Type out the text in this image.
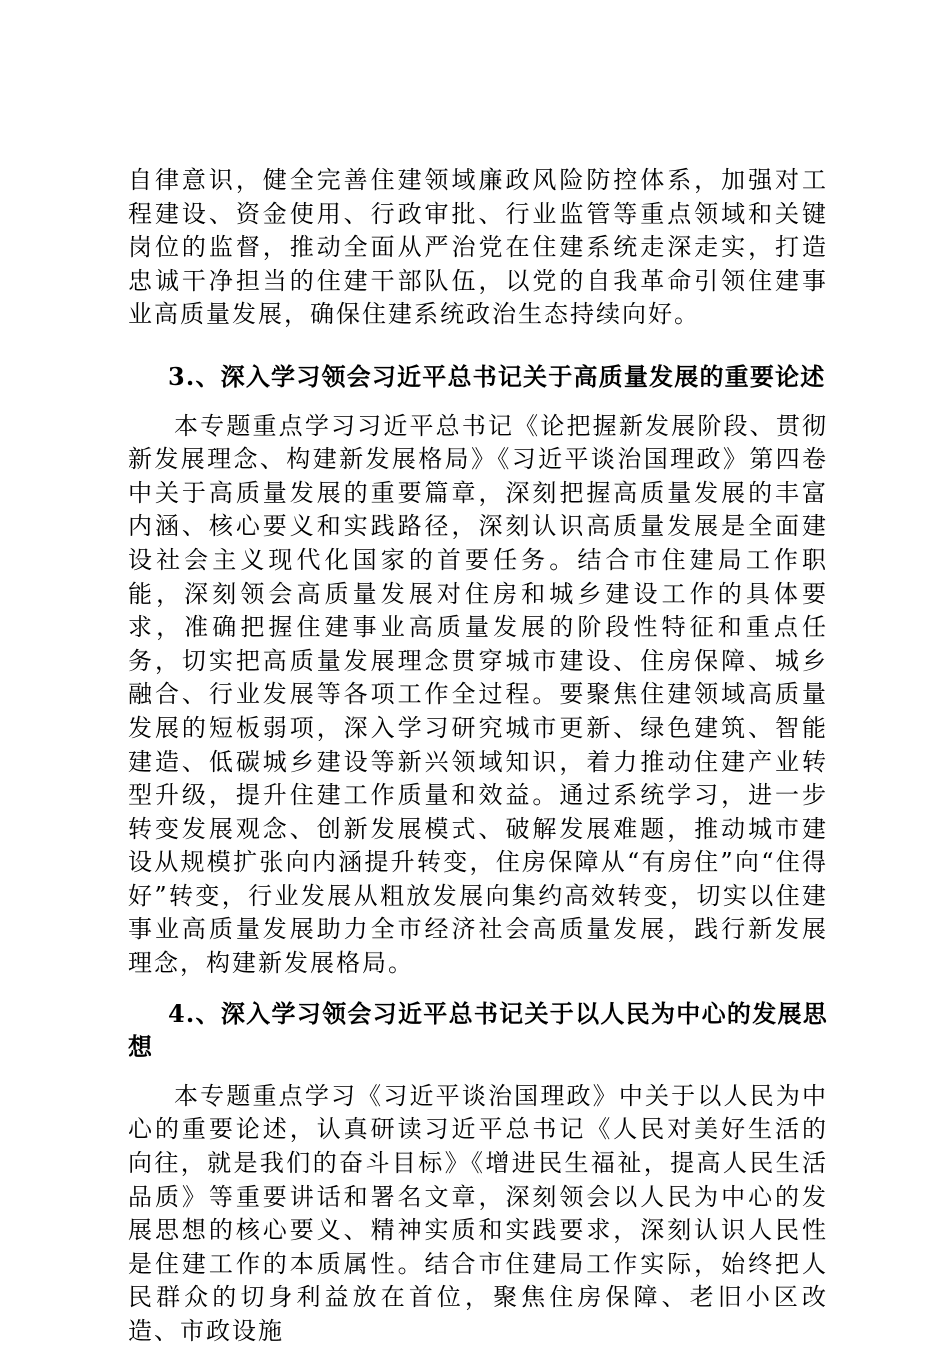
自律意识，健全完善住建领域廉政风险防控体系，加强对工程建设、资金使用、行政审批、行业监管等重点领域和关键岗位的监督，推动全面从严治党在住建系统走深走实，打造忠诚干净担当的住建干部队伍，以党的自我革命引领住建事业高质量发展，确保住建系统政治生态持续向好。

3.、深入学习领会习近平总书记关于高质量发展的重要论述

本专题重点学习习近平总书记《论把握新发展阶段、贯彻新发展理念、构建新发展格局》《习近平谈治国理政》第四卷中关于高质量发展的重要篇章，深刻把握高质量发展的丰富内涵、核心要义和实践路径，深刻认识高质量发展是全面建设社会主义现代化国家的首要任务。结合市住建局工作职能，深刻领会高质量发展对住房和城乡建设工作的具体要求，准确把握住建事业高质量发展的阶段性特征和重点任务，切实把高质量发展理念贯穿城市建设、住房保障、城乡融合、行业发展等各项工作全过程。要聚焦住建领域高质量发展的短板弱项，深入学习研究城市更新、绿色建筑、智能建造、低碳城乡建设等新兴领域知识，着力推动住建产业转型升级，提升住建工作质量和效益。通过系统学习，进一步转变发展观念、创新发展模式、破解发展难题，推动城市建设从规模扩张向内涵提升转变，住房保障从“有房住”向“住得好”转变，行业发展从粗放发展向集约高效转变，切实以住建事业高质量发展助力全市经济社会高质量发展，践行新发展理念，构建新发展格局。

4.、深入学习领会习近平总书记关于以人民为中心的发展思想

本专题重点学习《习近平谈治国理政》中关于以人民为中心的重要论述，认真研读习近平总书记《人民对美好生活的向往，就是我们的奋斗目标》《增进民生福祉，提高人民生活品质》等重要讲话和署名文章，深刻领会以人民为中心的发展思想的核心要义、精神实质和实践要求，深刻认识人民性是住建工作的本质属性。结合市住建局工作实际，始终把人民群众的切身利益放在首位，聚焦住房保障、老旧小区改造、市政设施
